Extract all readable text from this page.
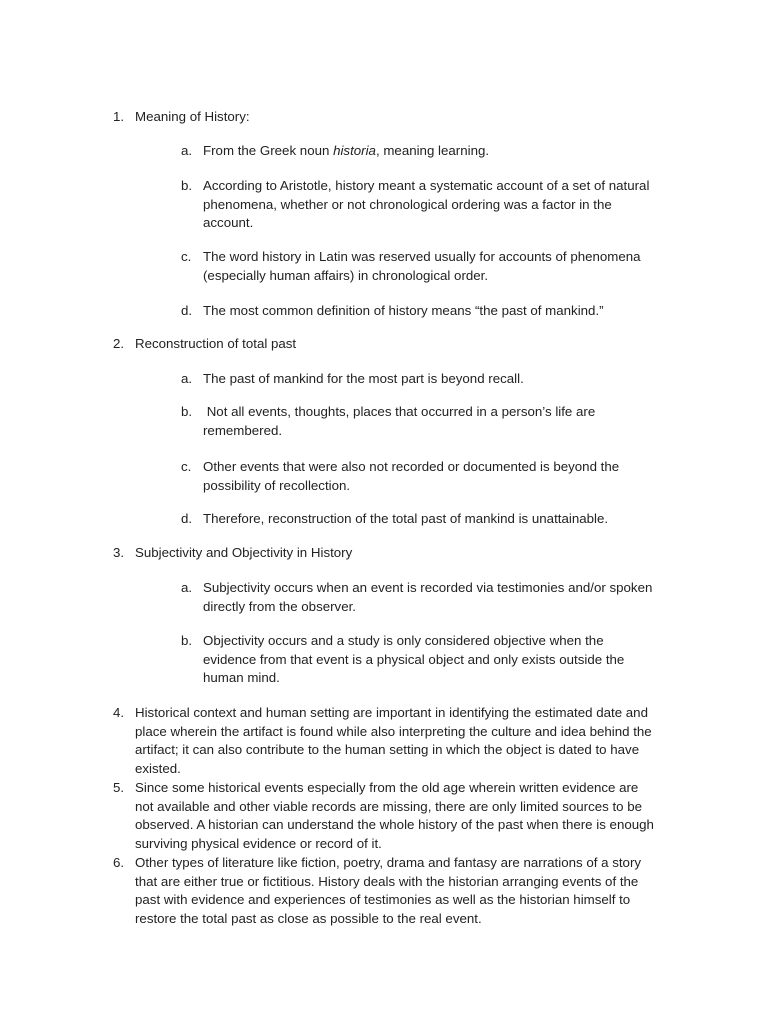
1. Meaning of History:
a. From the Greek noun historia, meaning learning.
b. According to Aristotle, history meant a systematic account of a set of natural
phenomena, whether or not chronological ordering was a factor in the
account.
c. The word history in Latin was reserved usually for accounts of phenomena
(especially human affairs) in chronological order.
d. The most common definition of history means “the past of mankind.”
2. Reconstruction of total past
a. The past of mankind for the most part is beyond recall.
b. Not all events, thoughts, places that occurred in a person’s life are
remembered.
c. Other events that were also not recorded or documented is beyond the
possibility of recollection.
d. Therefore, reconstruction of the total past of mankind is unattainable.
3. Subjectivity and Objectivity in History
a. Subjectivity occurs when an event is recorded via testimonies and/or spoken
directly from the observer.
b. Objectivity occurs and a study is only considered objective when the
evidence from that event is a physical object and only exists outside the
human mind.
4. Historical context and human setting are important in identifying the estimated date and
place wherein the artifact is found while also interpreting the culture and idea behind the
artifact; it can also contribute to the human setting in which the object is dated to have
existed.
5. Since some historical events especially from the old age wherein written evidence are
not available and other viable records are missing, there are only limited sources to be
observed. A historian can understand the whole history of the past when there is enough
surviving physical evidence or record of it.
6. Other types of literature like fiction, poetry, drama and fantasy are narrations of a story
that are either true or fictitious. History deals with the historian arranging events of the
past with evidence and experiences of testimonies as well as the historian himself to
restore the total past as close as possible to the real event.
